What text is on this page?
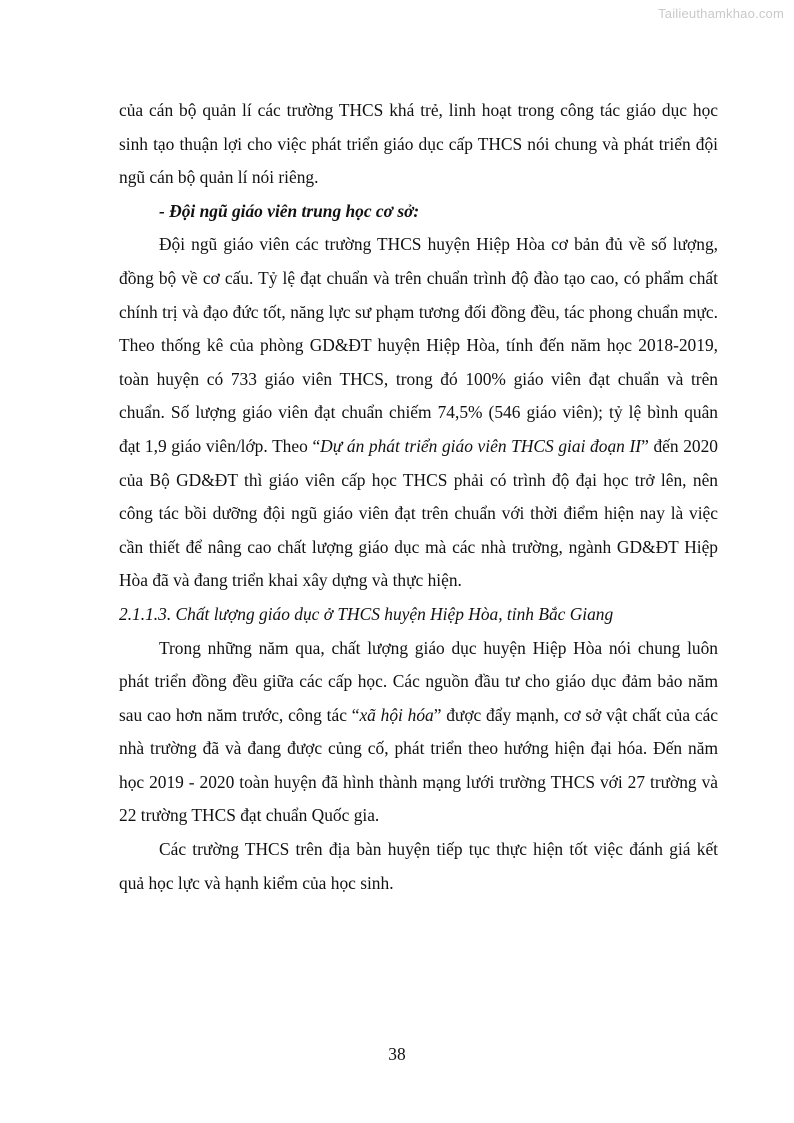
Tailieuthamkhao.com

của cán bộ quản lí các trường THCS khá trẻ, linh hoạt trong công tác giáo dục học sinh tạo thuận lợi cho việc phát triển giáo dục cấp THCS nói chung và phát triển đội ngũ cán bộ quản lí nói riêng.

- Đội ngũ giáo viên trung học cơ sở:

Đội ngũ giáo viên các trường THCS huyện Hiệp Hòa cơ bản đủ về số lượng, đồng bộ về cơ cấu. Tỷ lệ đạt chuẩn và trên chuẩn trình độ đào tạo cao, có phẩm chất chính trị và đạo đức tốt, năng lực sư phạm tương đối đồng đều, tác phong chuẩn mực. Theo thống kê của phòng GD&ĐT huyện Hiệp Hòa, tính đến năm học 2018-2019, toàn huyện có 733 giáo viên THCS, trong đó 100% giáo viên đạt chuẩn và trên chuẩn. Số lượng giáo viên đạt chuẩn chiếm 74,5% (546 giáo viên); tỷ lệ bình quân đạt 1,9 giáo viên/lớp. Theo “Dự án phát triển giáo viên THCS giai đoạn II” đến 2020 của Bộ GD&ĐT thì giáo viên cấp học THCS phải có trình độ đại học trở lên, nên công tác bồi dưỡng đội ngũ giáo viên đạt trên chuẩn với thời điểm hiện nay là việc cần thiết để nâng cao chất lượng giáo dục mà các nhà trường, ngành GD&ĐT Hiệp Hòa đã và đang triển khai xây dựng và thực hiện.

2.1.1.3. Chất lượng giáo dục ở THCS huyện Hiệp Hòa, tỉnh Bắc Giang

Trong những năm qua, chất lượng giáo dục huyện Hiệp Hòa nói chung luôn phát triển đồng đều giữa các cấp học. Các nguồn đầu tư cho giáo dục đảm bảo năm sau cao hơn năm trước, công tác “xã hội hóa” được đẩy mạnh, cơ sở vật chất của các nhà trường đã và đang được củng cố, phát triển theo hướng hiện đại hóa. Đến năm học 2019 - 2020 toàn huyện đã hình thành mạng lưới trường THCS với 27 trường và 22 trường THCS đạt chuẩn Quốc gia.

Các trường THCS trên địa bàn huyện tiếp tục thực hiện tốt việc đánh giá kết quả học lực và hạnh kiểm của học sinh.

38
